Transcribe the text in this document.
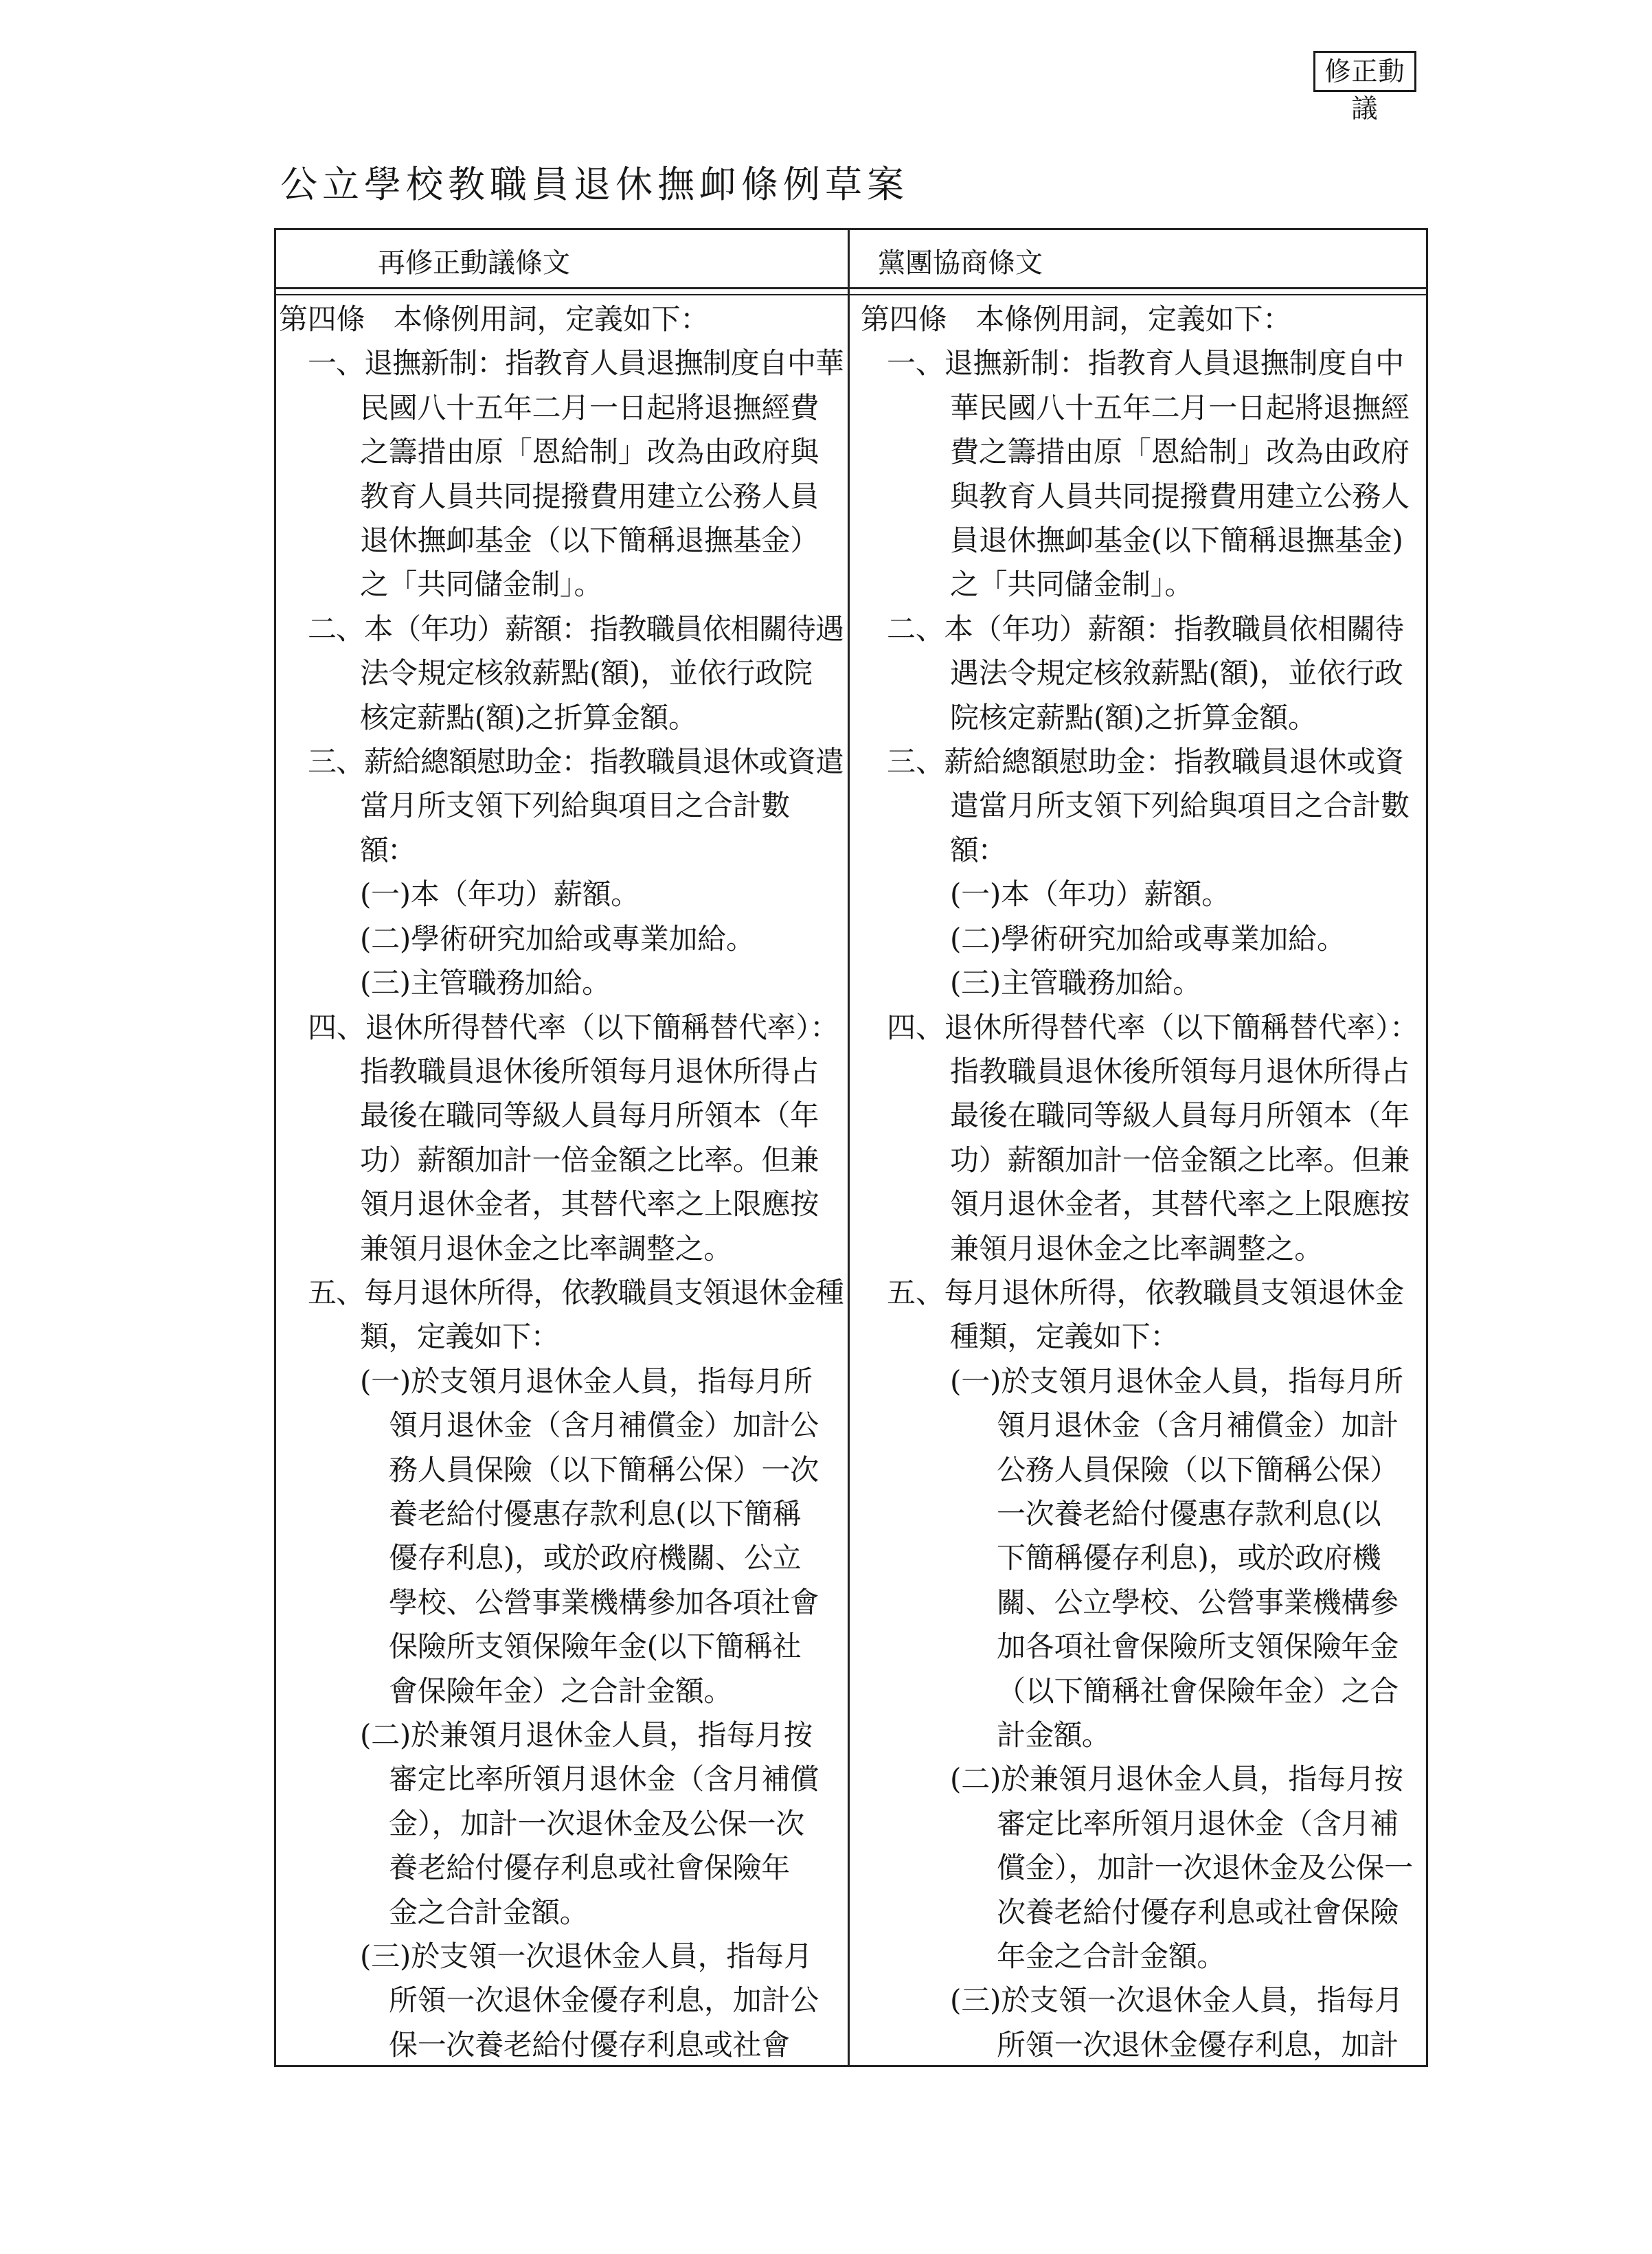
修正動議
公立學校教職員退休撫卹條例草案
再修正動議條文	黨團協商條文
第四條　本條例用詞，定義如下：
一、退撫新制：指教育人員退撫制度自中華
民國八十五年二月一日起將退撫經費
之籌措由原「恩給制」改為由政府與
教育人員共同提撥費用建立公務人員
退休撫卹基金（以下簡稱退撫基金）
之「共同儲金制」。
二、本（年功）薪額：指教職員依相關待遇
法令規定核敘薪點(額)，並依行政院
核定薪點(額)之折算金額。
三、薪給總額慰助金：指教職員退休或資遣
當月所支領下列給與項目之合計數
額：
(一)本（年功）薪額。
(二)學術研究加給或專業加給。
(三)主管職務加給。
四、退休所得替代率（以下簡稱替代率）：
指教職員退休後所領每月退休所得占
最後在職同等級人員每月所領本（年
功）薪額加計一倍金額之比率。但兼
領月退休金者，其替代率之上限應按
兼領月退休金之比率調整之。
五、每月退休所得，依教職員支領退休金種
類，定義如下：
(一)於支領月退休金人員，指每月所
領月退休金（含月補償金）加計公
務人員保險（以下簡稱公保）一次
養老給付優惠存款利息(以下簡稱
優存利息)，或於政府機關、公立
學校、公營事業機構參加各項社會
保險所支領保險年金(以下簡稱社
會保險年金）之合計金額。
(二)於兼領月退休金人員，指每月按
審定比率所領月退休金（含月補償
金），加計一次退休金及公保一次
養老給付優存利息或社會保險年
金之合計金額。
(三)於支領一次退休金人員，指每月
所領一次退休金優存利息，加計公
保一次養老給付優存利息或社會
第四條　本條例用詞，定義如下：
一、退撫新制：指教育人員退撫制度自中
華民國八十五年二月一日起將退撫經
費之籌措由原「恩給制」改為由政府
與教育人員共同提撥費用建立公務人
員退休撫卹基金(以下簡稱退撫基金)
之「共同儲金制」。
二、本（年功）薪額：指教職員依相關待
遇法令規定核敘薪點(額)，並依行政
院核定薪點(額)之折算金額。
三、薪給總額慰助金：指教職員退休或資
遣當月所支領下列給與項目之合計數
額：
(一)本（年功）薪額。
(二)學術研究加給或專業加給。
(三)主管職務加給。
四、退休所得替代率（以下簡稱替代率）：
指教職員退休後所領每月退休所得占
最後在職同等級人員每月所領本（年
功）薪額加計一倍金額之比率。但兼
領月退休金者，其替代率之上限應按
兼領月退休金之比率調整之。
五、每月退休所得，依教職員支領退休金
種類，定義如下：
(一)於支領月退休金人員，指每月所
領月退休金（含月補償金）加計
公務人員保險（以下簡稱公保）
一次養老給付優惠存款利息(以
下簡稱優存利息)，或於政府機
關、公立學校、公營事業機構參
加各項社會保險所支領保險年金
（以下簡稱社會保險年金）之合
計金額。
(二)於兼領月退休金人員，指每月按
審定比率所領月退休金（含月補
償金），加計一次退休金及公保一
次養老給付優存利息或社會保險
年金之合計金額。
(三)於支領一次退休金人員，指每月
所領一次退休金優存利息，加計
